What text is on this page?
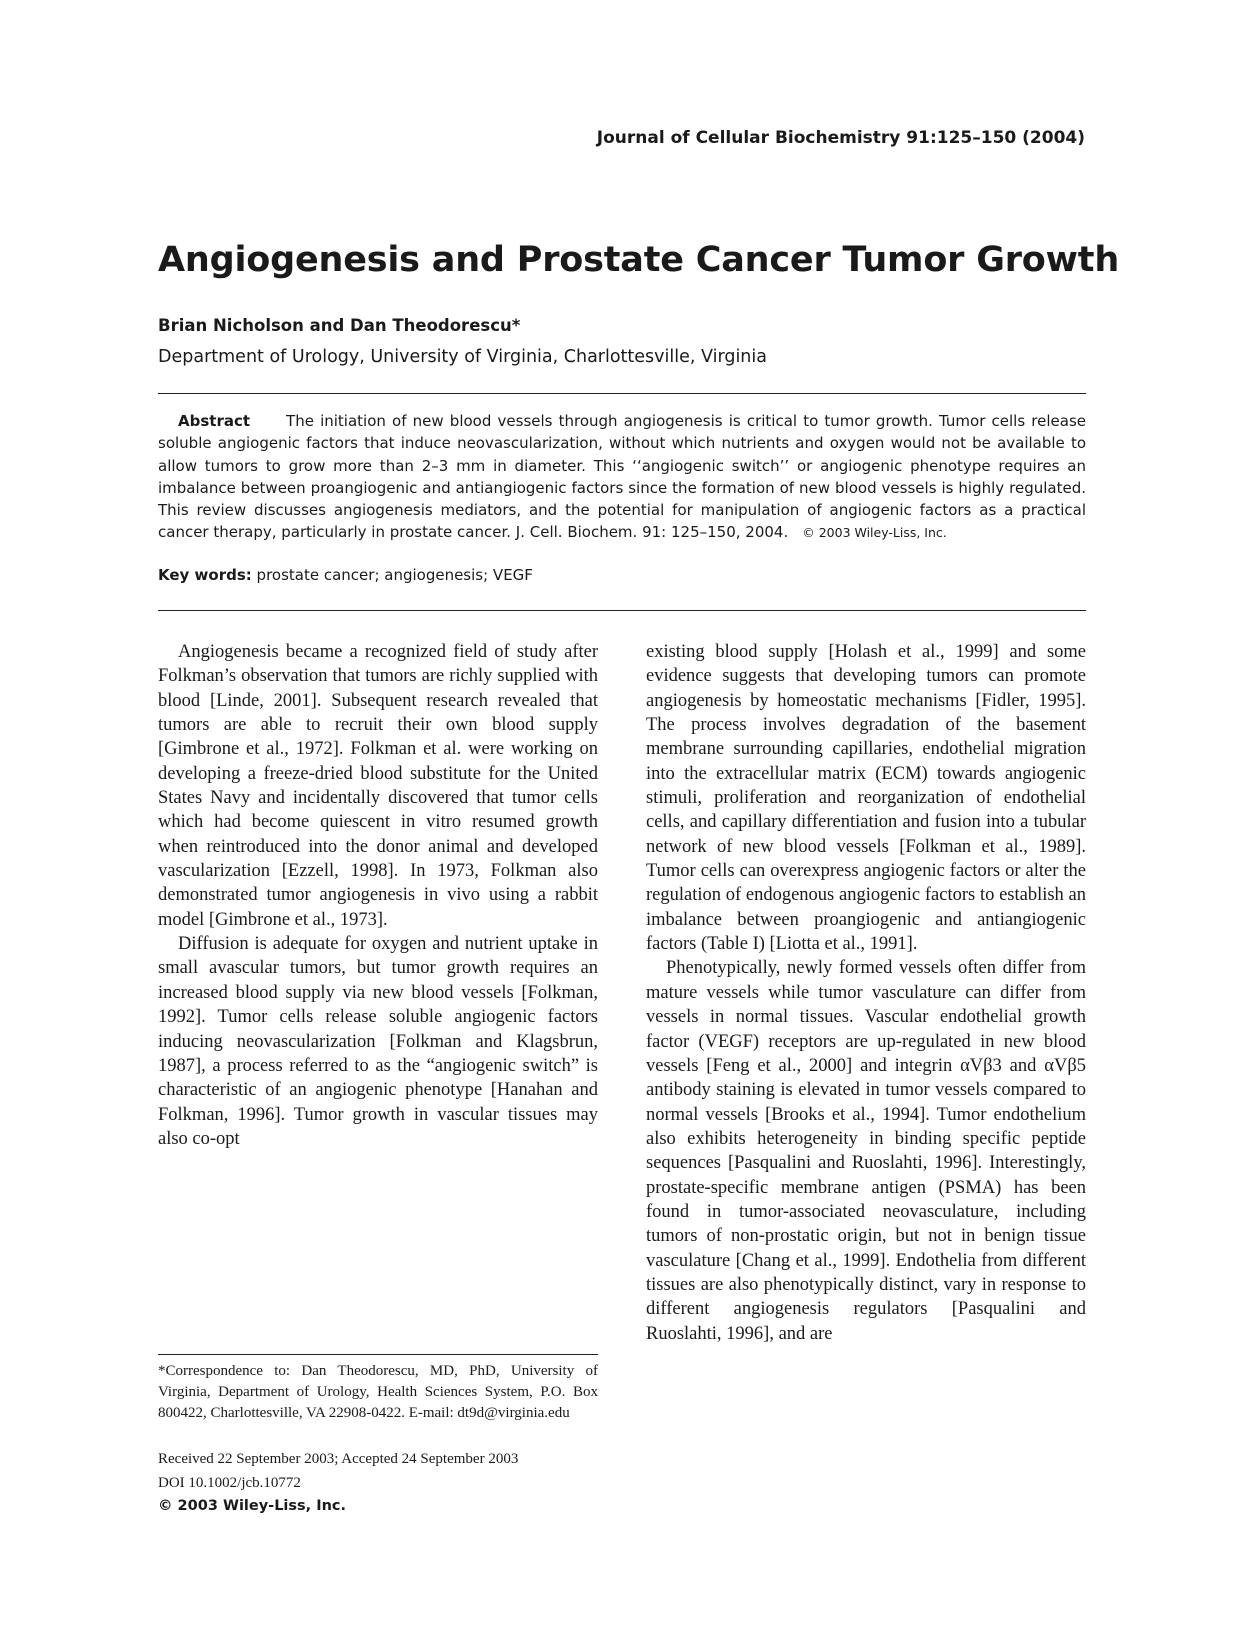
Journal of Cellular Biochemistry 91:125–150 (2004)
Angiogenesis and Prostate Cancer Tumor Growth
Brian Nicholson and Dan Theodorescu*
Department of Urology, University of Virginia, Charlottesville, Virginia
Abstract The initiation of new blood vessels through angiogenesis is critical to tumor growth. Tumor cells release soluble angiogenic factors that induce neovascularization, without which nutrients and oxygen would not be available to allow tumors to grow more than 2–3 mm in diameter. This ‘‘angiogenic switch’’ or angiogenic phenotype requires an imbalance between proangiogenic and antiangiogenic factors since the formation of new blood vessels is highly regulated. This review discusses angiogenesis mediators, and the potential for manipulation of angiogenic factors as a practical cancer therapy, particularly in prostate cancer. J. Cell. Biochem. 91: 125–150, 2004. © 2003 Wiley-Liss, Inc.
Key words: prostate cancer; angiogenesis; VEGF

Angiogenesis became a recognized field of study after Folkman’s observation that tumors are richly supplied with blood [Linde, 2001]. Subsequent research revealed that tumors are able to recruit their own blood supply [Gimbrone et al., 1972]. Folkman et al. were working on developing a freeze-dried blood substitute for the United States Navy and incidentally discovered that tumor cells which had become quiescent in vitro resumed growth when reintroduced into the donor animal and developed vascularization [Ezzell, 1998]. In 1973, Folkman also demonstrated tumor angiogenesis in vivo using a rabbit model [Gimbrone et al., 1973].

Diffusion is adequate for oxygen and nutrient uptake in small avascular tumors, but tumor growth requires an increased blood supply via new blood vessels [Folkman, 1992]. Tumor cells release soluble angiogenic factors inducing neovascularization [Folkman and Klagsbrun, 1987], a process referred to as the “angiogenic switch” is characteristic of an angiogenic phenotype [Hanahan and Folkman, 1996]. Tumor growth in vascular tissues may also co-opt

existing blood supply [Holash et al., 1999] and some evidence suggests that developing tumors can promote angiogenesis by homeostatic mechanisms [Fidler, 1995]. The process involves degradation of the basement membrane surrounding capillaries, endothelial migration into the extracellular matrix (ECM) towards angiogenic stimuli, proliferation and reorganization of endothelial cells, and capillary differentiation and fusion into a tubular network of new blood vessels [Folkman et al., 1989]. Tumor cells can overexpress angiogenic factors or alter the regulation of endogenous angiogenic factors to establish an imbalance between proangiogenic and antiangiogenic factors (Table I) [Liotta et al., 1991].

Phenotypically, newly formed vessels often differ from mature vessels while tumor vasculature can differ from vessels in normal tissues. Vascular endothelial growth factor (VEGF) receptors are up-regulated in new blood vessels [Feng et al., 2000] and integrin αVβ3 and αVβ5 antibody staining is elevated in tumor vessels compared to normal vessels [Brooks et al., 1994]. Tumor endothelium also exhibits heterogeneity in binding specific peptide sequences [Pasqualini and Ruoslahti, 1996]. Interestingly, prostate-specific membrane antigen (PSMA) has been found in tumor-associated neovasculature, including tumors of non-prostatic origin, but not in benign tissue vasculature [Chang et al., 1999]. Endothelia from different tissues are also phenotypically distinct, vary in response to different angiogenesis regulators [Pasqualini and Ruoslahti, 1996], and are

*Correspondence to: Dan Theodorescu, MD, PhD, University of Virginia, Department of Urology, Health Sciences System, P.O. Box 800422, Charlottesville, VA 22908-0422. E-mail: dt9d@virginia.edu

Received 22 September 2003; Accepted 24 September 2003

DOI 10.1002/jcb.10772

© 2003 Wiley-Liss, Inc.
